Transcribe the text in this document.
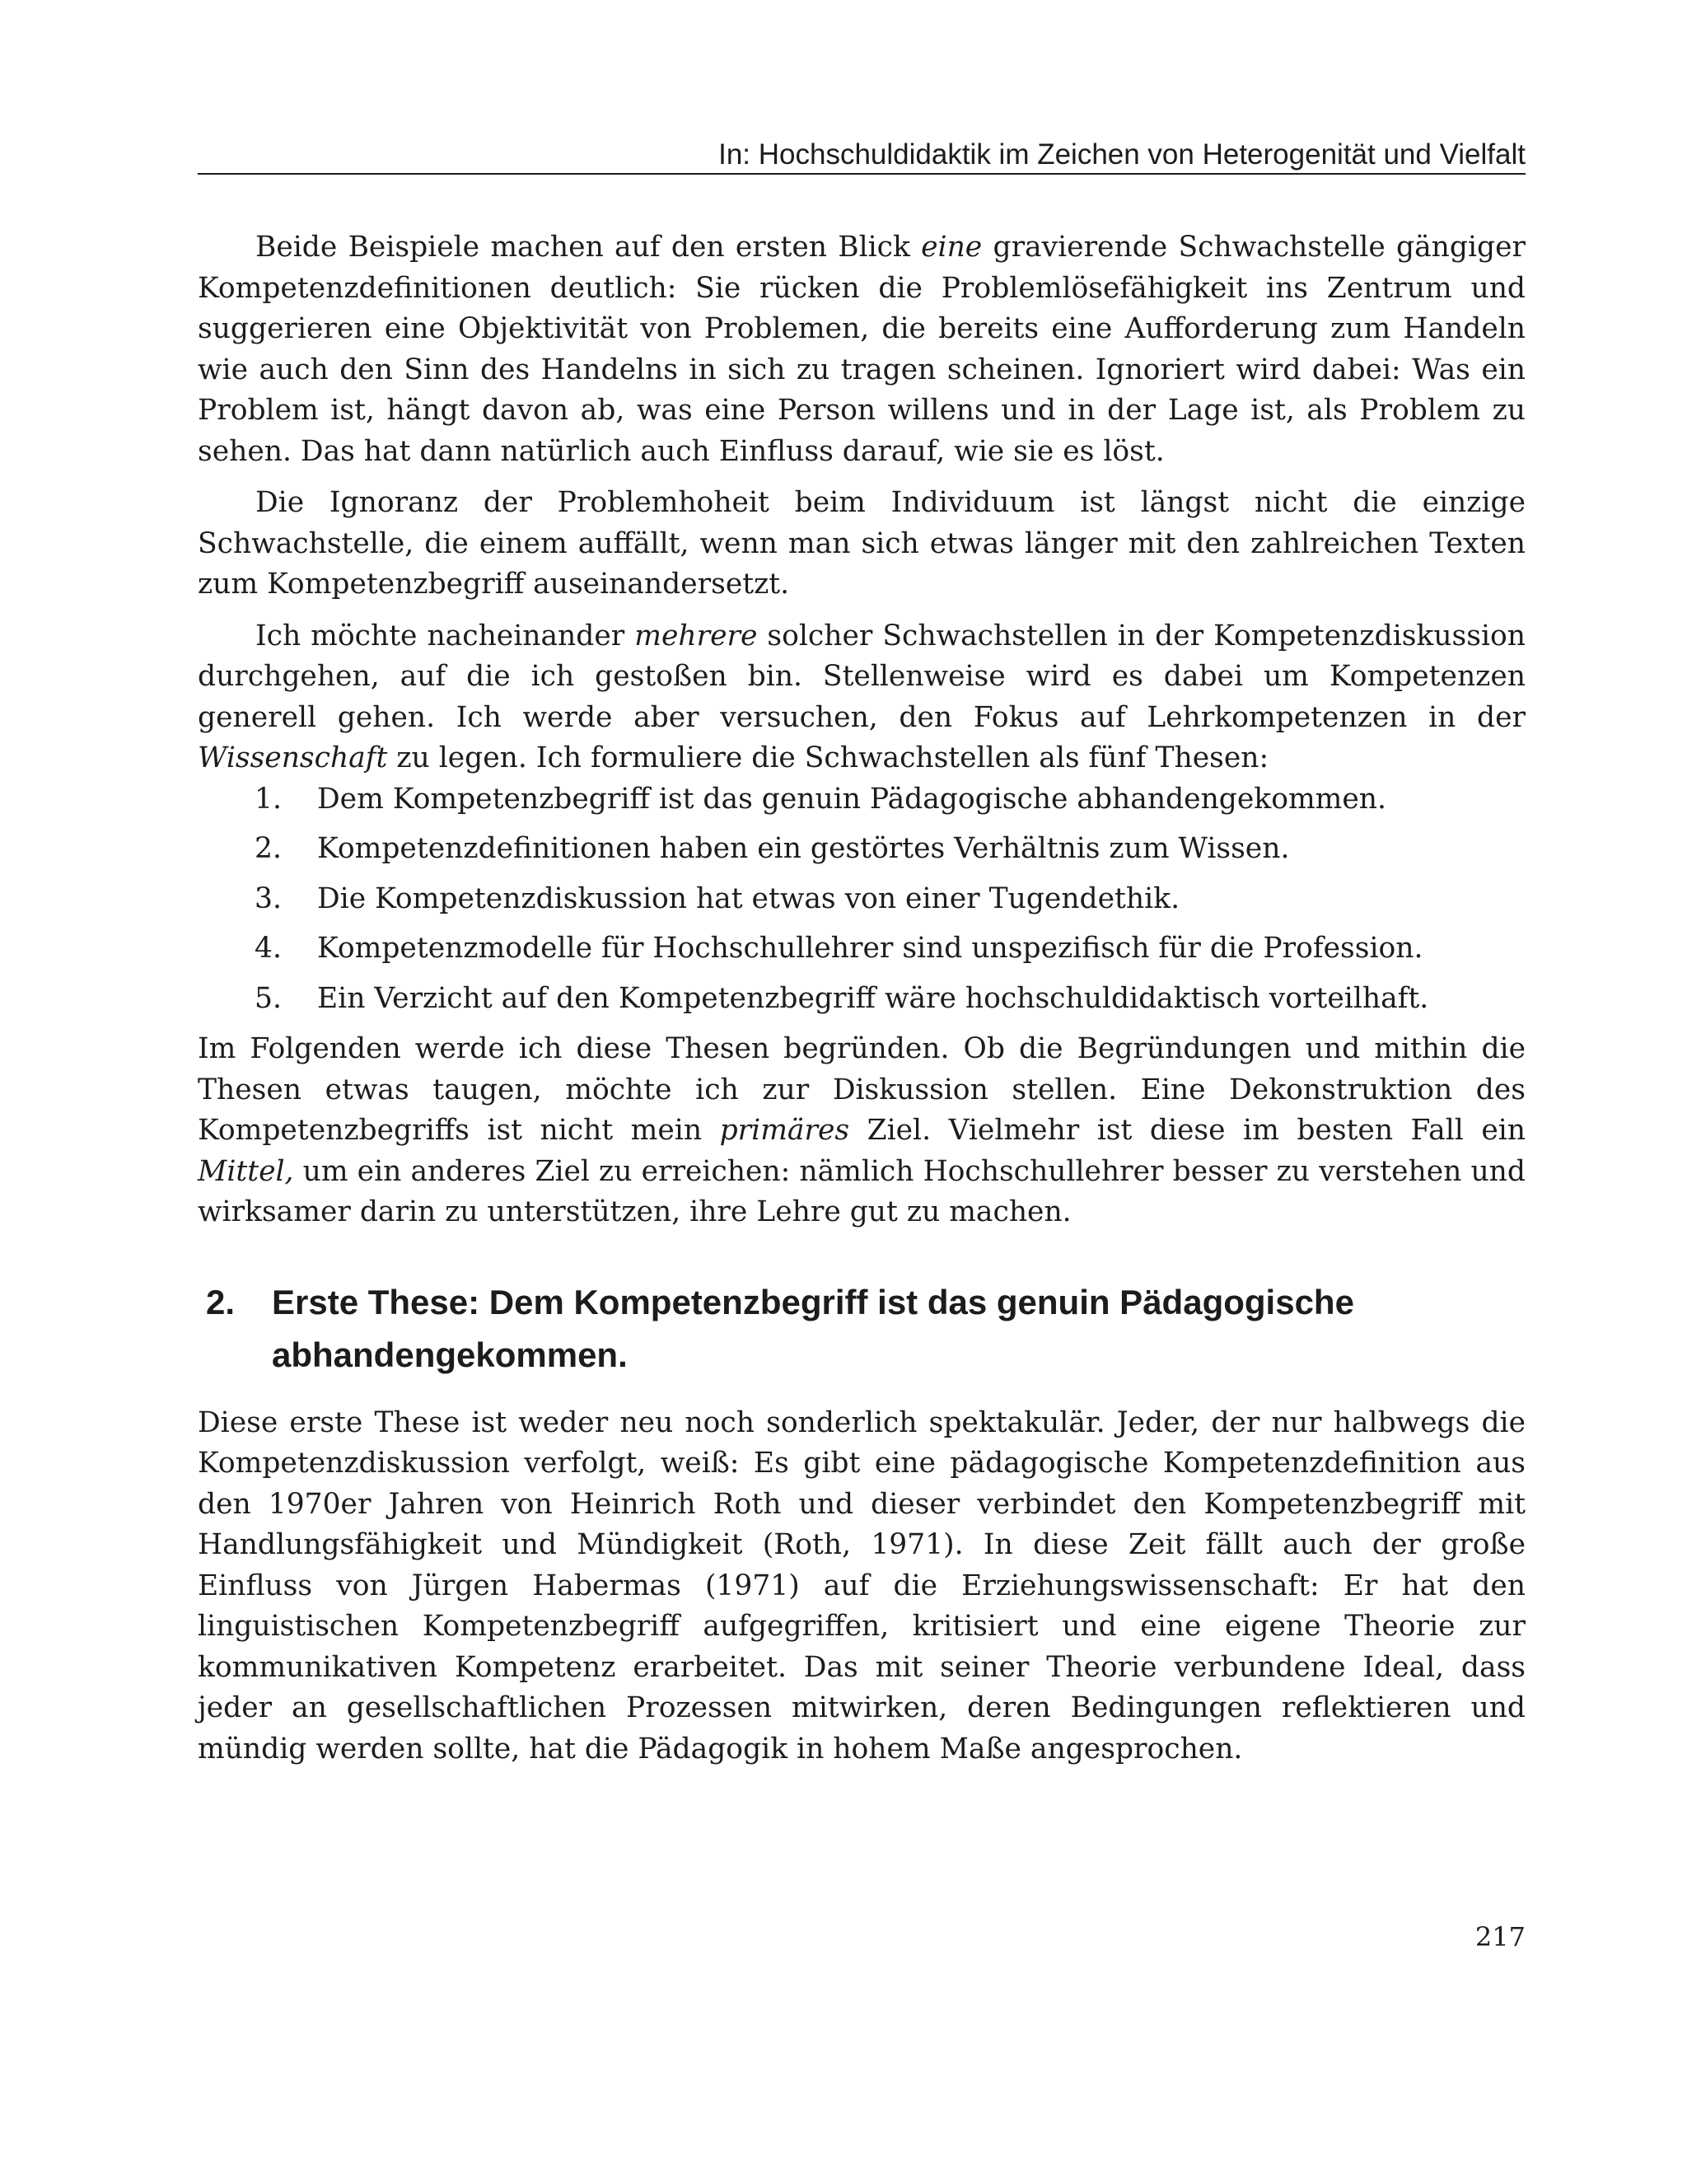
In: Hochschuldidaktik im Zeichen von Heterogenität und Vielfalt

Beide Beispiele machen auf den ersten Blick eine gravierende Schwachstelle gängiger Kompetenzdefinitionen deutlich: Sie rücken die Problemlösefähigkeit ins Zentrum und suggerieren eine Objektivität von Problemen, die bereits eine Aufforderung zum Handeln wie auch den Sinn des Handelns in sich zu tragen scheinen. Ignoriert wird dabei: Was ein Problem ist, hängt davon ab, was eine Person willens und in der Lage ist, als Problem zu sehen. Das hat dann natürlich auch Einfluss darauf, wie sie es löst.

Die Ignoranz der Problemhoheit beim Individuum ist längst nicht die einzige Schwachstelle, die einem auffällt, wenn man sich etwas länger mit den zahlreichen Texten zum Kompetenzbegriff auseinandersetzt.

Ich möchte nacheinander mehrere solcher Schwachstellen in der Kompetenzdiskussion durchgehen, auf die ich gestoßen bin. Stellenweise wird es dabei um Kompetenzen generell gehen. Ich werde aber versuchen, den Fokus auf Lehrkompetenzen in der Wissenschaft zu legen. Ich formuliere die Schwachstellen als fünf Thesen:

1.	Dem Kompetenzbegriff ist das genuin Pädagogische abhandengekommen.
2.	Kompetenzdefinitionen haben ein gestörtes Verhältnis zum Wissen.
3.	Die Kompetenzdiskussion hat etwas von einer Tugendethik.
4.	Kompetenzmodelle für Hochschullehrer sind unspezifisch für die Profession.
5.	Ein Verzicht auf den Kompetenzbegriff wäre hochschuldidaktisch vorteilhaft.

Im Folgenden werde ich diese Thesen begründen. Ob die Begründungen und mithin die Thesen etwas taugen, möchte ich zur Diskussion stellen. Eine Dekonstruktion des Kompetenzbegriffs ist nicht mein primäres Ziel. Vielmehr ist diese im besten Fall ein Mittel, um ein anderes Ziel zu erreichen: nämlich Hochschullehrer besser zu verstehen und wirksamer darin zu unterstützen, ihre Lehre gut zu machen.

2.	Erste These: Dem Kompetenzbegriff ist das genuin Pädagogische abhandengekommen.

Diese erste These ist weder neu noch sonderlich spektakulär. Jeder, der nur halbwegs die Kompetenzdiskussion verfolgt, weiß: Es gibt eine pädagogische Kompetenzdefinition aus den 1970er Jahren von Heinrich Roth und dieser verbindet den Kompetenzbegriff mit Handlungsfähigkeit und Mündigkeit (Roth, 1971). In diese Zeit fällt auch der große Einfluss von Jürgen Habermas (1971) auf die Erziehungswissenschaft: Er hat den linguistischen Kompetenzbegriff aufgegriffen, kritisiert und eine eigene Theorie zur kommunikativen Kompetenz erarbeitet. Das mit seiner Theorie verbundene Ideal, dass jeder an gesellschaftlichen Prozessen mitwirken, deren Bedingungen reflektieren und mündig werden sollte, hat die Pädagogik in hohem Maße angesprochen.

217
